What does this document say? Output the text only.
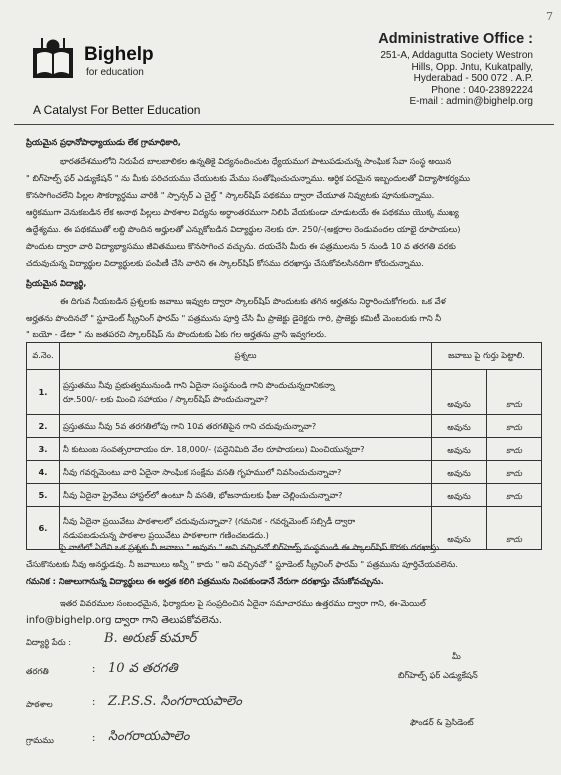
7
Bighelp
for education
A Catalyst For Better Education
Administrative Office :
251-A, Addagutta Society Westron
Hills, Opp. Jntu, Kukatpally,
Hyderabad - 500 072 . A.P.
Phone : 040-23892224
E-mail : admin@bighelp.org
ప్రియమైన ప్రధానోపాధ్యాయుడు లేక గ్రామాధికారి,
భారతదేశములోని నిరుపేద బాలబాలికల ఉన్నతికై విద్యనందించుట ధ్యేయముగ పాటుపడుచున్న సాంఘిక సేవా సంస్థ అయిన
" బిగ్‌హెల్ప్ ఫర్ ఎడ్యుకేషన్ " ను మీకు పరిచయము చేయుటకు మేము సంతోషించుచున్నాము. ఆర్ధిక పరమైన ఇబ్బందులతో విద్యాసౌకర్యము
కొనసాగించలేని పిల్లల సౌకర్యార్ధము వారికి " స్పాన్సర్ ఎ చైల్డ్ " స్కాలర్‌షిప్ పథకము ద్వారా చేయూత నివ్వుటకు పూనుకున్నాము.
ఆర్ధికముగా వెనుకబడిన లేక అనాథ పిల్లలు పాఠశాల విద్యను అర్ధాంతరముగా నిలిపి వేయకుండా చూడుటయే ఈ పథకము యొక్క ముఖ్య
ఉద్దేశ్యము. ఈ పథకముతో లబ్ది పొందిన అర్హులతో ఎన్నుకోబడిన విద్యార్థుల నెలకు రూ. 250/-(అక్షరాల రెండువందల యాభై రూపాయలు)
పొందుట ద్వారా వారి విద్యాభ్యాసము జీవితములు కొనసాగించ వచ్చును. దయచేసి మీరు ఈ పత్రములను 5 నుండి 10 వ తరగతి వరకు
చదువుచున్న విద్యార్థుల విద్యార్థులకు పంపిణీ చేసి వారిని ఈ స్కాలర్‌షిప్ కోసము దరఖాస్తు చేసుకోవలసినదిగా కోరుచున్నాము.
ప్రియమైన విద్యార్థి,
ఈ దిగువ నీయబడిన ప్రశ్నలకు జవాబు ఇవ్వుట ద్వారా స్కాలర్‌షిప్ పొందుటకు తగిన అర్హతను నిర్ధారించుకోగలరు. ఒక వేళ
అర్హతను పొందినచో " స్టూడెంట్ స్క్రీనింగ్ ఫారమ్ " పత్రమును పూర్తి చేసి మీ ప్రాజెక్టు డైరెక్టరు గారి, ప్రాజెక్టు కమిటీ మెంబరుకు గాని నీ
" బయో - డేటా " ను జతపరచి స్కాలర్‌షిప్ ను పొందుటకు ఏకు గల అర్హతను వ్రాసి ఇవ్వగలరు.
వ.నెం.	ప్రశ్నలు	జవాబు పై గుర్తు పెట్టాలి.	
1.	ప్రస్తుతము నీవు ప్రభుత్వమునుండి గాని ఏదైనా సంస్థనుండి గాని పొందుచున్నదానికన్నా
రూ.500/- లకు మించి సహాయం / స్కాలర్‌షిప్ పొందుచున్నావా?	అవును	కాదు
2.	ప్రస్తుతము నీవు 5వ తరగతిలోపు గాని 10వ తరగతిపైన గాని చదువుచున్నావా?	అవును	కాదు
3.	నీ కుటుంబ సంవత్సరాదాయం రూ. 18,000/- (పద్దెనిమిది వేల రూపాయలు) మించియున్నదా?	అవును	కాదు
4.	నీవు గవర్నమెంటు వారి ఏదైనా సాంఘిక సంక్షేమ వసతి గృహములో నివసించుచున్నావా?	అవును	కాదు
5.	నీవు ఏదైనా ప్రైవేటు హాస్టల్‌లో ఉంటూ నీ వసతి, భోజనాదులకు ఫీజు చెల్లించుచున్నావా?	అవును	కాదు
6.	నీవు ఏదైనా ప్రయివేటు పాఠశాలలో చదువుచున్నావా? (గమనిక - గవర్నమెంట్ సబ్సిడీ ద్వారా
నడుపబడుచున్న పాఠశాల ప్రయివేటు పాఠశాలగా గణించబడదు.)	అవును	కాదు
పై వాటిలో ఏదేని ఒక ప్రశ్నకు నీ జవాబు " అవును " అని వచ్చినచో బిగ్‌హెల్ప్ సంస్థనుండి ఈ స్కాలర్‌షిప్ కొరకు దరఖాస్తు
చేసుకొనుటకు నీవు అనర్హుడవు. నీ జవాబులు అన్నీ " కాదు " అని వచ్చినచో " స్టూడెంట్ స్క్రీనింగ్ ఫారమ్ " పత్రమును పూర్తిచేయవలెను.
గమనిక : నిజాలుగానున్న విద్యార్థులు ఈ అర్హత కలిగి పత్రమును నింపకుండానే నేరుగా దరఖాస్తు చేసుకోవచ్చును.
ఇతర వివరముల సంబంధమైన, ఫిర్యాదుల పై సంప్రదించిన ఏదైనా సమాచారము ఉత్తరము ద్వారా గాని, ఈ-మెయిల్
info@bighelp.org ద్వారా గాని తెలుపకోవలెను.
విద్యార్థి పేరు :	B. అరుణ్ కుమార్
తరగతి	: 10 వ తరగతి
పాఠశాల	: Z.P.S.S. సింగరాయపాలెం
గ్రామము	: సింగరాయపాలెం
మీ
బిగ్‌హెల్ప్ ఫర్ ఎడ్యుకేషన్
ఫౌండర్ & ప్రెసిడెంట్
